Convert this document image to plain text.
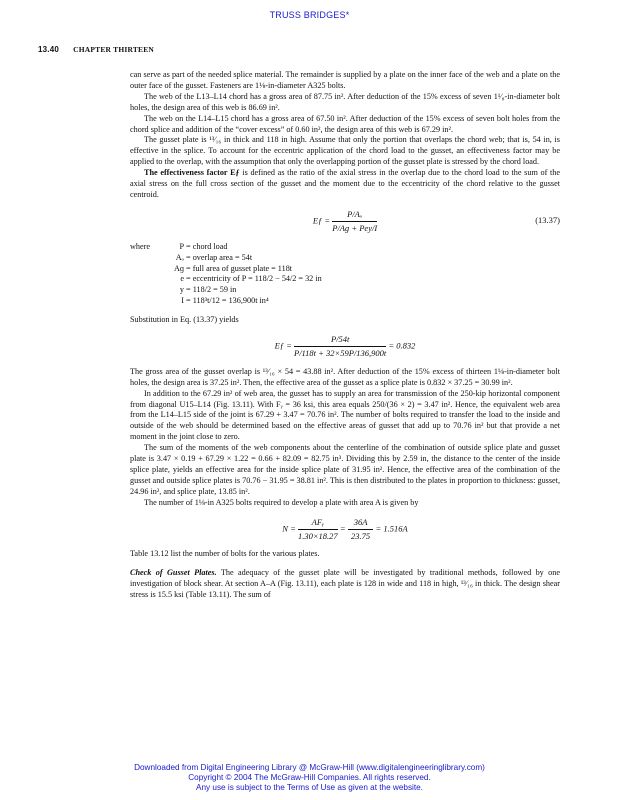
TRUSS BRIDGES*
13.40 CHAPTER THIRTEEN

can serve as part of the needed splice material. The remainder is supplied by a plate on the inner face of the web and a plate on the outer face of the gusset. Fasteners are 1⅛-in-diameter A325 bolts.

The web of the L13–L14 chord has a gross area of 87.75 in². After deduction of the 15% excess of seven 1¹⁄₈-in-diameter bolt holes, the design area of this web is 86.69 in².

The web on the L14–L15 chord has a gross area of 67.50 in². After deduction of the 15% excess of seven bolt holes from the chord splice and addition of the “cover excess” of 0.60 in², the design area of this web is 67.29 in².

The gusset plate is ¹³⁄₁₆ in thick and 118 in high. Assume that only the portion that overlaps the chord web; that is, 54 in, is effective in the splice. To account for the eccentric application of the chord load to the gusset, an effectiveness factor may be applied to the overlap, with the assumption that only the overlapping portion of the gusset plate is stressed by the chord load.

The effectiveness factor Eƒ is defined as the ratio of the axial stress in the overlap due to the chord load to the sum of the axial stress on the full cross section of the gusset and the moment due to the eccentricity of the chord relative to the gusset centroid.

Eƒ = $\frac{\text{P/Aₒ}}{\text{P/Aɡ + Pey/I}}$	(13.37)
where	P = chord load
Aₒ = overlap area = 54t
Aɡ = full area of gusset plate = 118t
e = eccentricity of P = 118/2 − 54/2 = 32 in
y = 118/2 = 59 in
I = 118³t/12 = 136,900t in⁴

Substitution in Eq. (13.37) yields

Eƒ = $\frac{P/54t}{P/118t + 32\times 59P/136,900t} = 0.832$

The gross area of the gusset overlap is ¹³⁄₁₆ × 54 = 43.88 in². After deduction of the 15% excess of thirteen 1⅛-in-diameter bolt holes, the design area is 37.25 in². Then, the effective area of the gusset as a splice plate is 0.832 × 37.25 = 30.99 in².

In addition to the 67.29 in² of web area, the gusset has to supply an area for transmission of the 250-kip horizontal component from diagonal U15–L14 (Fig. 13.11). With Fᵧ = 36 ksi, this area equals 250/(36 × 2) = 3.47 in². Hence, the equivalent web area from the L14–L15 side of the joint is 67.29 + 3.47 = 70.76 in². The number of bolts required to transfer the load to the inside and outside of the web should be determined based on the effective areas of gusset that add up to 70.76 in² but that provide a net moment in the joint close to zero.

The sum of the moments of the web components about the centerline of the combination of outside splice plate and gusset plate is 3.47 × 0.19 + 67.29 × 1.22 = 0.66 + 82.09 = 82.75 in³. Dividing this by 2.59 in, the distance to the center of the inside splice plate, yields an effective area for the inside splice plate of 31.95 in². Hence, the effective area of the combination of the gusset and outside splice plates is 70.76 − 31.95 = 38.81 in². This is then distributed to the plates in proportion to thickness: gusset, 24.96 in², and splice plate, 13.85 in².

The number of 1⅛-in A325 bolts required to develop a plate with area A is given by

$N = \frac{\text{AFᵧ}}{1.30\times 18.27} = \frac{36A}{23.75} = 1.516A$

Table 13.12 list the number of bolts for the various plates.

Check of Gusset Plates. The adequacy of the gusset plate will be investigated by traditional methods, followed by one investigation of block shear. At section A–A (Fig. 13.11), each plate is 128 in wide and 118 in high, ¹³⁄₁₆ in thick. The design shear stress is 15.5 ksi (Table 13.11). The sum of

Downloaded from Digital Engineering Library @ McGraw-Hill (www.digitalengineeringlibrary.com)
Copyright © 2004 The McGraw-Hill Companies. All rights reserved.
Any use is subject to the Terms of Use as given at the website.
